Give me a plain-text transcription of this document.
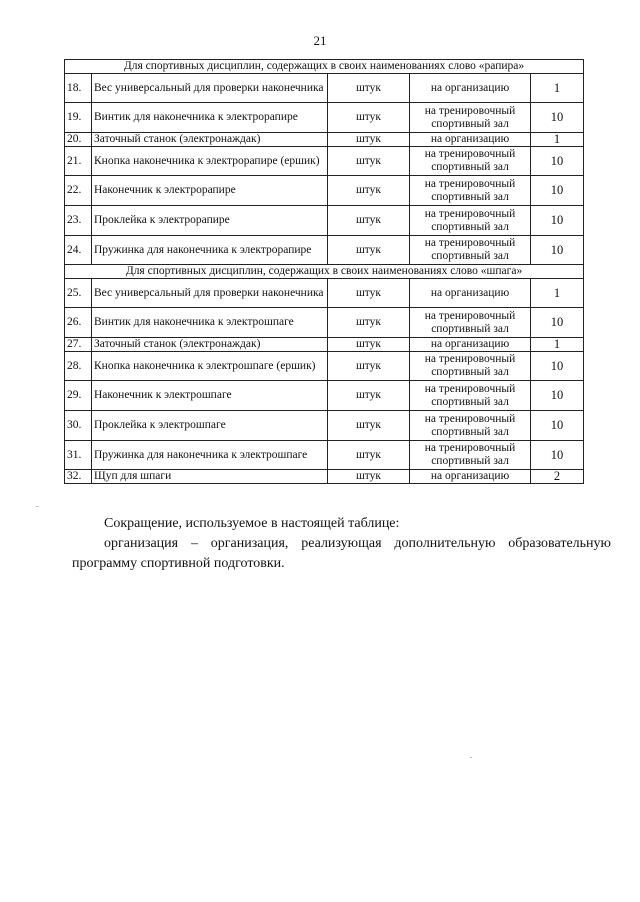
21
Для спортивных дисциплин, содержащих в своих наименованиях слово «рапира»				
18.	Вес универсальный для проверки наконечника	штук	на организацию	1
19.	Винтик для наконечника к электрорапире	штук	на тренировочный спортивный зал	10
20.	Заточный станок (электронаждак)	штук	на организацию	1
21.	Кнопка наконечника к электрорапире (ершик)	штук	на тренировочный спортивный зал	10
22.	Наконечник к электрорапире	штук	на тренировочный спортивный зал	10
23.	Проклейка к электрорапире	штук	на тренировочный спортивный зал	10
24.	Пружинка для наконечника к электрорапире	штук	на тренировочный спортивный зал	10
Для спортивных дисциплин, содержащих в своих наименованиях слово «шпага»				
25.	Вес универсальный для проверки наконечника	штук	на организацию	1
26.	Винтик для наконечника к электрошпаге	штук	на тренировочный спортивный зал	10
27.	Заточный станок (электронаждак)	штук	на организацию	1
28.	Кнопка наконечника к электрошпаге (ершик)	штук	на тренировочный спортивный зал	10
29.	Наконечник к электрошпаге	штук	на тренировочный спортивный зал	10
30.	Проклейка к электрошпаге	штук	на тренировочный спортивный зал	10
31.	Пружинка для наконечника к электрошпаге	штук	на тренировочный спортивный зал	10
32.	Щуп для шпаги	штук	на организацию	2

Сокращение, используемое в настоящей таблице:

организация – организация, реализующая дополнительную образовательную программу спортивной подготовки.
